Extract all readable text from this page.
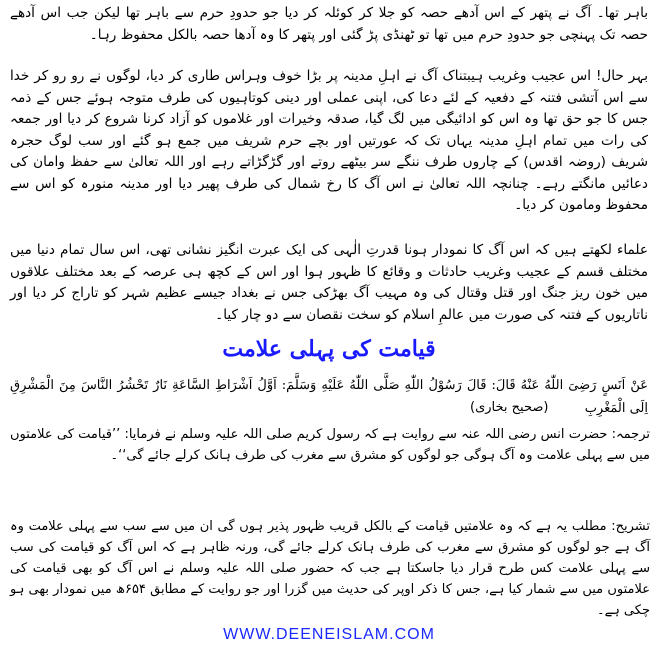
باہر تھا۔ آگ نے پتھر کے اس آدھے حصہ کو جلا کر کوئلہ کر دیا جو حدودِ حرم سے باہر تھا لیکن جب اس آدھے حصہ تک پہنچی جو حدودِ حرم میں تھا تو ٹھنڈی پڑ گئی اور پتھر کا وہ آدھا حصہ بالکل محفوظ رہا۔

بہر حال! اس عجیب وغریب ہیبتناک آگ نے اہلِ مدینہ پر بڑا خوف وہراس طاری کر دیا، لوگوں نے رو رو کر خدا سے اس آتشی فتنہ کے دفعیہ کے لئے دعا کی، اپنی عملی اور دینی کوتاہیوں کی طرف متوجہ ہوئے جس کے ذمہ جس کا جو حق تھا وہ اس کو ادائیگی میں لگ گیا، صدقہ وخیرات اور غلاموں کو آزاد کرنا شروع کر دیا اور جمعہ کی رات میں تمام اہلِ مدینہ یہاں تک کہ عورتیں اور بچے حرم شریف میں جمع ہو گئے اور سب لوگ حجرہ شریف (روضہ اقدس) کے چاروں طرف ننگے سر بیٹھے روتے اور گڑگڑاتے رہے اور اللہ تعالیٰ سے حفظ وامان کی دعائیں مانگتے رہے۔ چنانچہ اللہ تعالیٰ نے اس آگ کا رخ شمال کی طرف پھیر دیا اور مدینہ منورہ کو اس سے محفوظ ومامون کر دیا۔

علماء لکھتے ہیں کہ اس آگ کا نمودار ہونا قدرتِ الٰہی کی ایک عبرت انگیز نشانی تھی، اس سال تمام دنیا میں مختلف قسم کے عجیب وغریب حادثات و وقائع کا ظہور ہوا اور اس کے کچھ ہی عرصہ کے بعد مختلف علاقوں میں خون ریز جنگ اور قتل وقتال کی وہ مہیب آگ بھڑکی جس نے بغداد جیسے عظیم شہر کو تاراج کر دیا اور ناتاریوں کے فتنہ کی صورت میں عالمِ اسلام کو سخت نقصان سے دو چار کیا۔

قیامت کی پہلی علامت
عَنْ اَنَسٍ رَضِیَ اللّٰهُ عَنْهُ قَالَ: قَالَ رَسُوْلُ اللّٰهِ صَلَّى اللّٰهُ عَلَيْهِ وَسَلَّمَ: اَوَّلُ اَشْرَاطِ السَّاعَةِ نَارٌ تَحْشُرُ النَّاسَ مِنَ الْمَشْرِقِ اِلَى الْمَغْرِبِ
(صحیح بخاری)

ترجمہ: حضرت انس رضی اللہ عنہ سے روایت ہے کہ رسول کریم صلی اللہ علیہ وسلم نے فرمایا: ’’قیامت کی علامتوں میں سے پہلی علامت وہ آگ ہوگی جو لوگوں کو مشرق سے مغرب کی طرف ہانک کرلے جائے گی‘‘۔

تشریح: مطلب یہ ہے کہ وہ علامتیں قیامت کے بالکل قریب ظہور پذیر ہوں گی ان میں سے سب سے پہلی علامت وہ آگ ہے جو لوگوں کو مشرق سے مغرب کی طرف ہانک کرلے جائے گی، ورنہ ظاہر ہے کہ اس آگ کو قیامت کی سب سے پہلی علامت کس طرح قرار دیا جاسکتا ہے جب کہ حضور صلی اللہ علیہ وسلم نے اس آگ کو بھی قیامت کی علامتوں میں سے شمار کیا ہے، جس کا ذکر اوپر کی حدیث میں گزرا اور جو روایت کے مطابق ۶۵۴ھ میں نمودار بھی ہو چکی ہے۔

WWW.DEENEISLAM.COM
